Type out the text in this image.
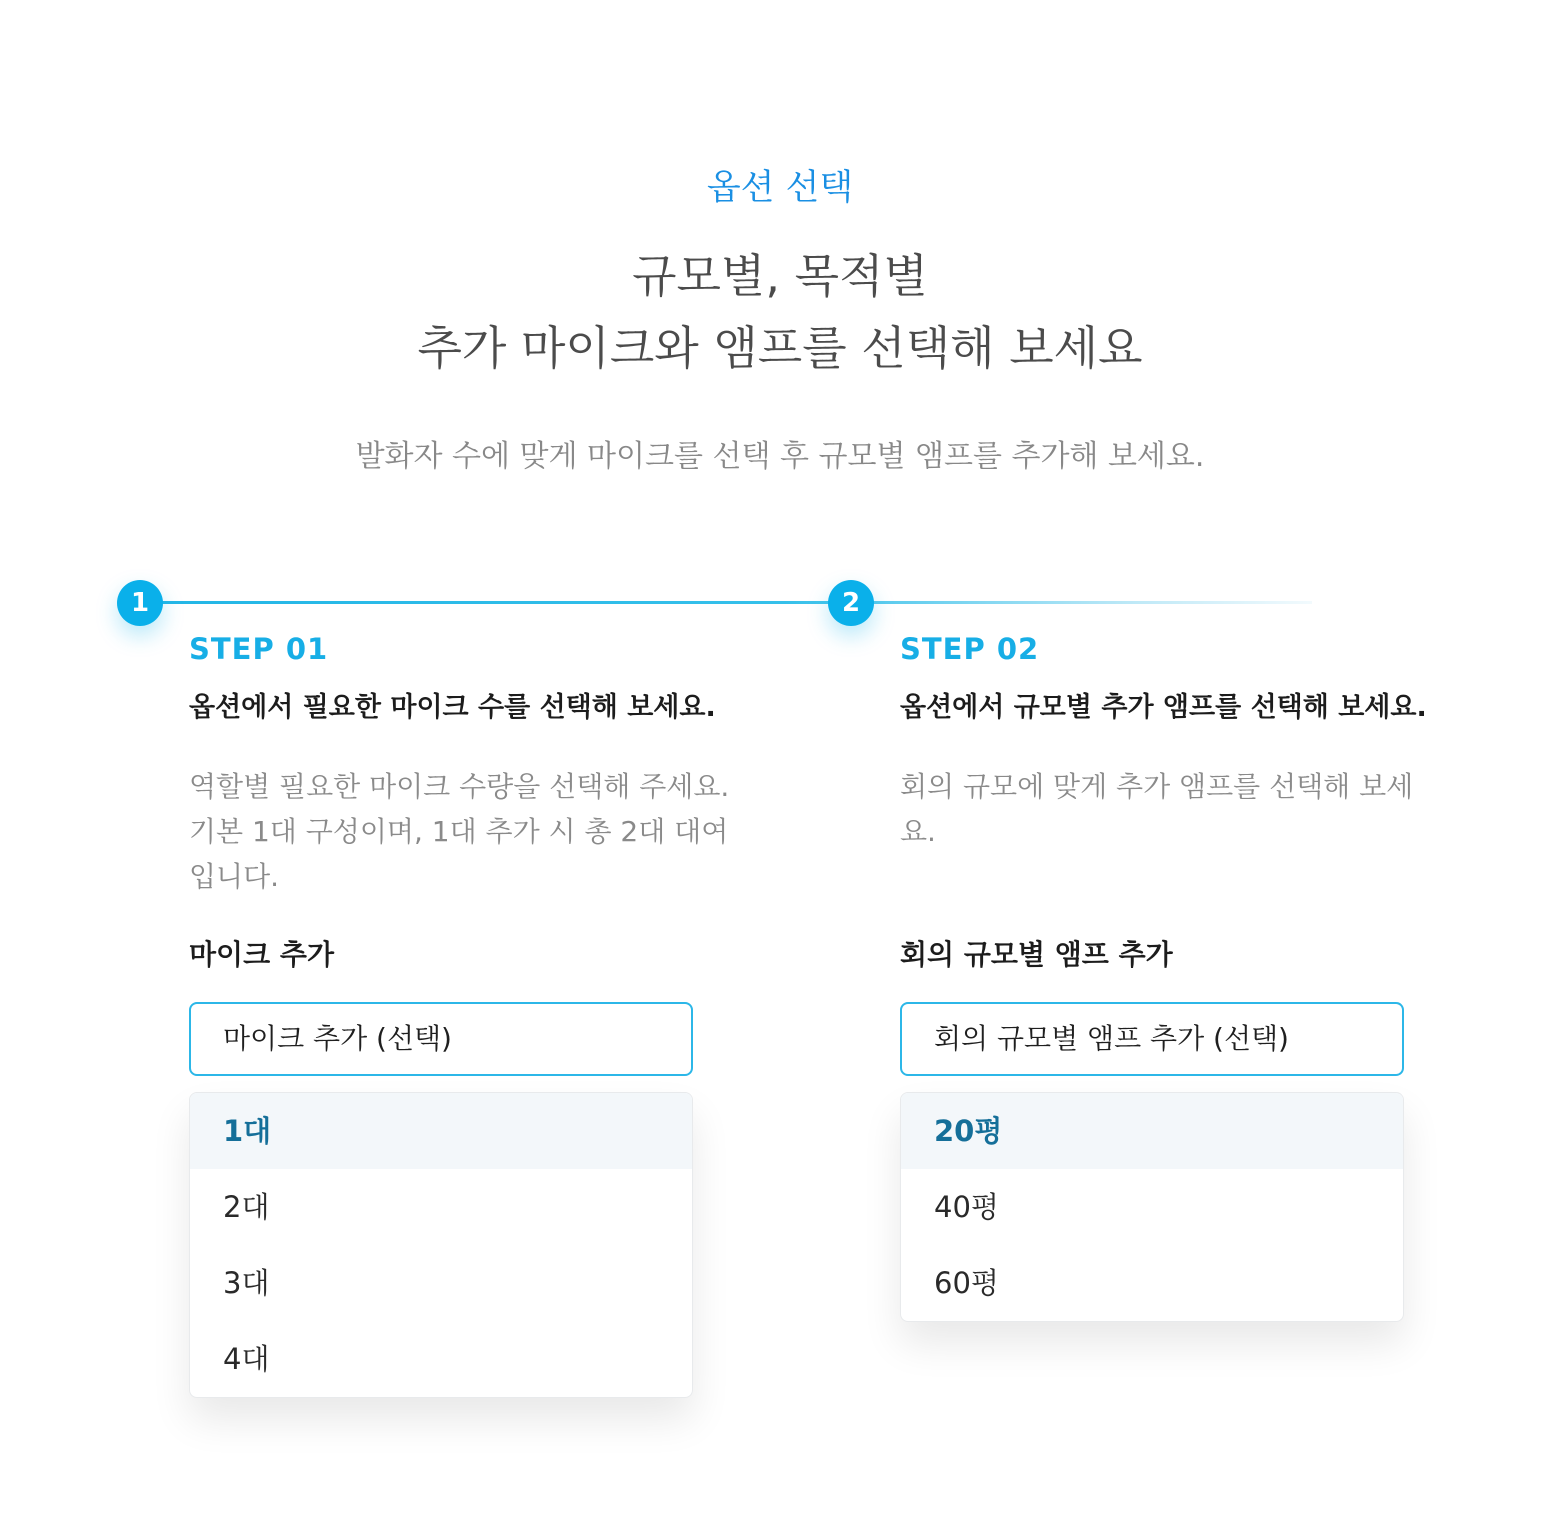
옵션 선택
규모별, 목적별
추가 마이크와 앰프를 선택해 보세요
발화자 수에 맞게 마이크를 선택 후 규모별 앰프를 추가해 보세요.
1	2
STEP 01
옵션에서 필요한 마이크 수를 선택해 보세요.
역할별 필요한 마이크 수량을 선택해 주세요. 기본 1대 구성이며, 1대 추가 시 총 2대 대여입니다.
마이크 추가
마이크 추가 (선택)
1대
2대
3대
4대
STEP 02
옵션에서 규모별 추가 앰프를 선택해 보세요.
회의 규모에 맞게 추가 앰프를 선택해 보세요.
회의 규모별 앰프 추가
회의 규모별 앰프 추가 (선택)
20평
40평
60평
